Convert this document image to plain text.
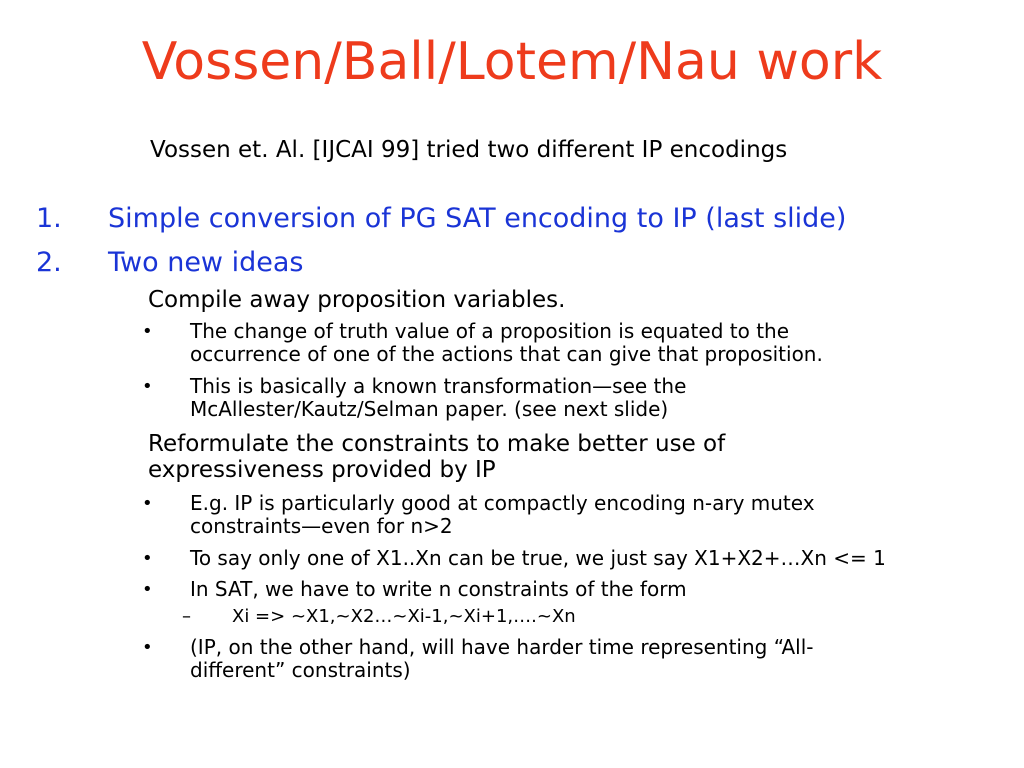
Vossen/Ball/Lotem/Nau work
Vossen et. Al. [IJCAI 99] tried two different IP encodings
1. Simple conversion of PG SAT encoding to IP (last slide)
2. Two new ideas
Compile away proposition variables.
•	The change of truth value of a proposition is equated to the
occurrence of one of the actions that can give that proposition.
•	This is basically a known transformation—see the
McAllester/Kautz/Selman paper. (see next slide)
Reformulate the constraints to make better use of
expressiveness provided by IP
•	E.g. IP is particularly good at compactly encoding n-ary mutex
constraints—even for n>2
•	To say only one of X1..Xn can be true, we just say X1+X2+…Xn <= 1
•	In SAT, we have to write n constraints of the form
– Xi => ~X1,~X2…~Xi-1,~Xi+1,….~Xn
•	(IP, on the other hand, will have harder time representing “All-
different” constraints)
